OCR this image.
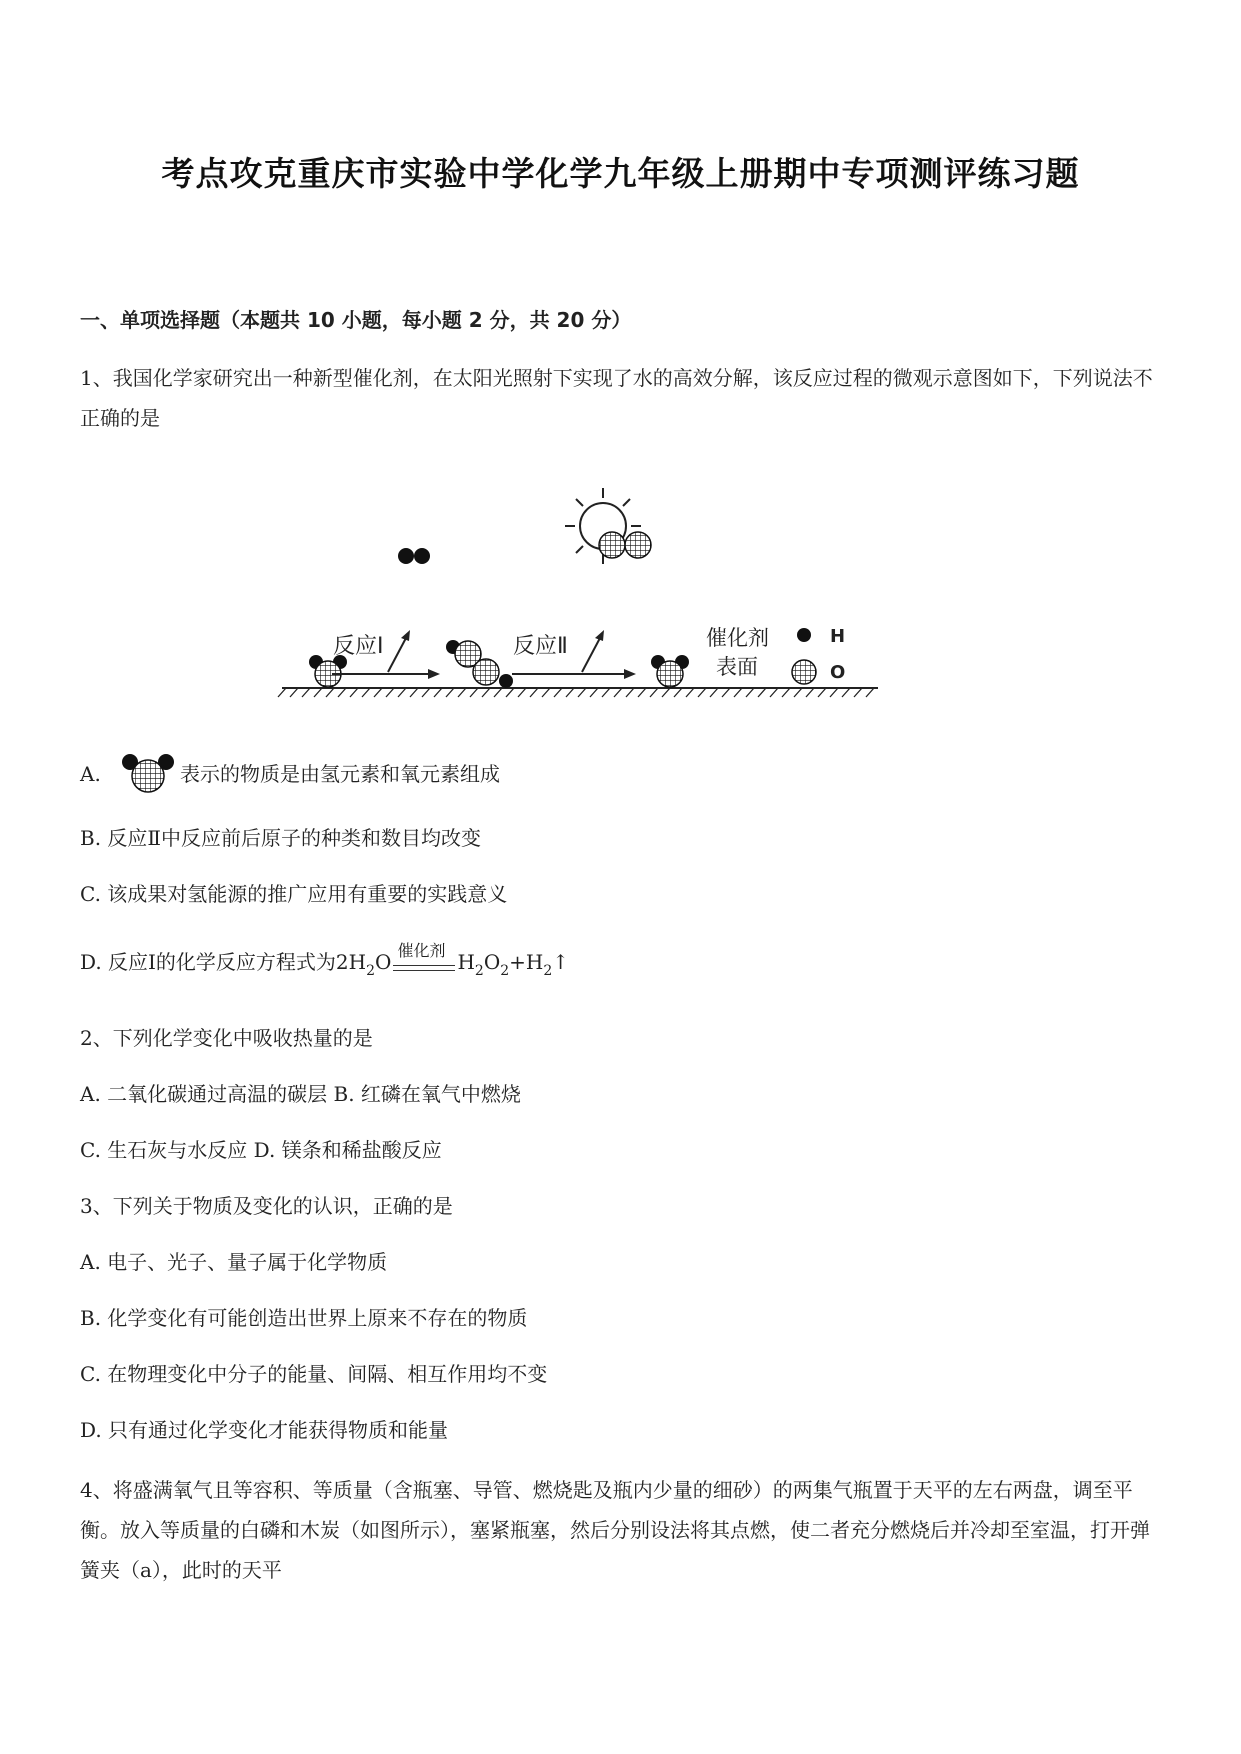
考点攻克重庆市实验中学化学九年级上册期中专项测评练习题
一、单项选择题（本题共 10 小题，每小题 2 分，共 20 分）
1、我国化学家研究出一种新型催化剂，在太阳光照射下实现了水的高效分解，该反应过程的微观示意图如下，下列说法不正确的是
反应Ⅰ	反应Ⅱ	催化剂
表面
H
O
A.	表示的物质是由氢元素和氧元素组成
B. 反应Ⅱ中反应前后原子的种类和数目均改变
C. 该成果对氢能源的推广应用有重要的实践意义
D. 反应Ⅰ的化学反应方程式为$2H_2O$ 催化剂 $H_2O_2+H_2↑$
2、下列化学变化中吸收热量的是
A. 二氧化碳通过高温的碳层 B. 红磷在氧气中燃烧
C. 生石灰与水反应 D. 镁条和稀盐酸反应
3、下列关于物质及变化的认识，正确的是
A. 电子、光子、量子属于化学物质
B. 化学变化有可能创造出世界上原来不存在的物质
C. 在物理变化中分子的能量、间隔、相互作用均不变
D. 只有通过化学变化才能获得物质和能量
4、将盛满氧气且等容积、等质量（含瓶塞、导管、燃烧匙及瓶内少量的细砂）的两集气瓶置于天平的左右两盘，调至平衡。放入等质量的白磷和木炭（如图所示），塞紧瓶塞，然后分别设法将其点燃，使二者充分燃烧后并冷却至室温，打开弹簧夹（a），此时的天平
